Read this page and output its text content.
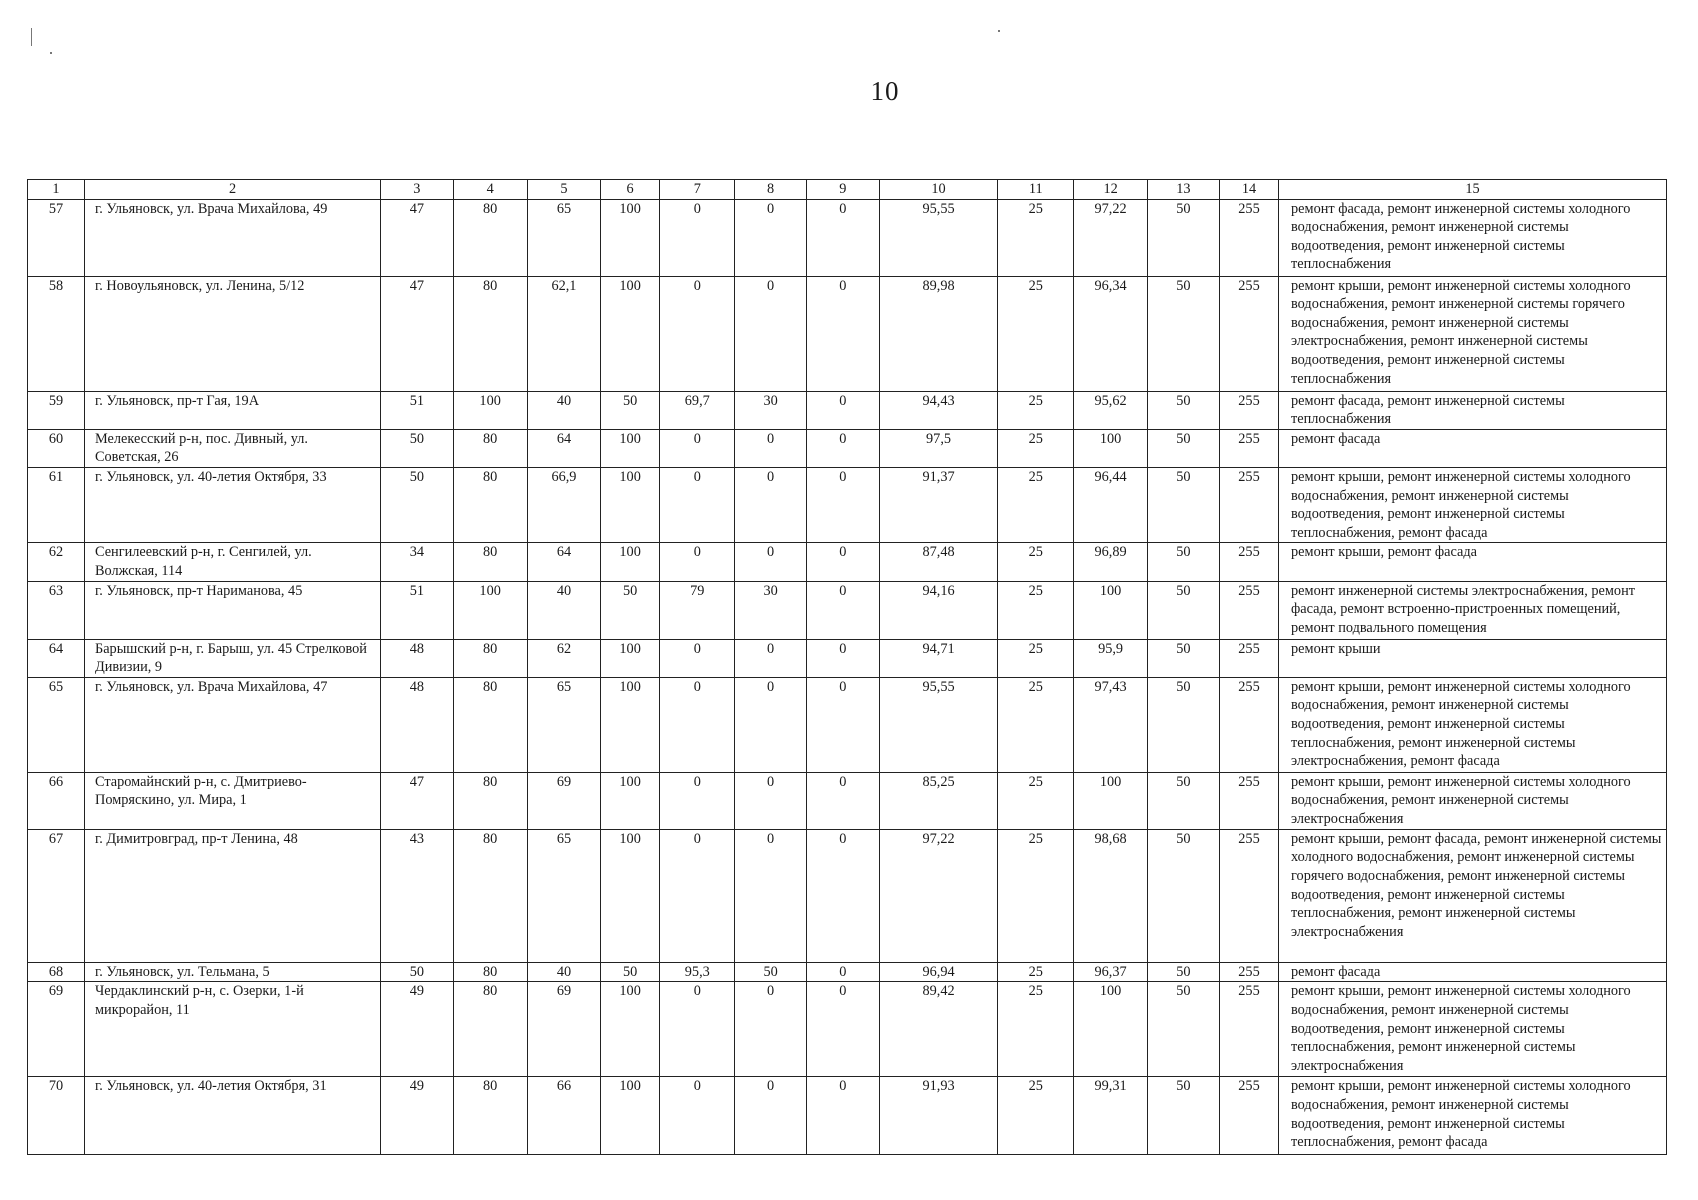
10
1	2	3	4	5	6	7	8	9	10	11	12	13	14	15
57	г. Ульяновск, ул. Врача Михайлова, 49	47	80	65	100	0	0	0	95,55	25	97,22	50	255	ремонт фасада, ремонт инженерной системы холодного водоснабжения, ремонт инженерной системы водоотведения, ремонт инженерной системы теплоснабжения
58	г. Новоульяновск, ул. Ленина, 5/12	47	80	62,1	100	0	0	0	89,98	25	96,34	50	255	ремонт крыши, ремонт инженерной системы холодного водоснабжения, ремонт инженерной системы горячего водоснабжения, ремонт инженерной системы электроснабжения, ремонт инженерной системы водоотведения, ремонт инженерной системы теплоснабжения
59	г. Ульяновск, пр-т Гая, 19А	51	100	40	50	69,7	30	0	94,43	25	95,62	50	255	ремонт фасада, ремонт инженерной системы теплоснабжения
60	Мелекесский р-н, пос. Дивный, ул. Советская, 26	50	80	64	100	0	0	0	97,5	25	100	50	255	ремонт фасада
61	г. Ульяновск, ул. 40-летия Октября, 33	50	80	66,9	100	0	0	0	91,37	25	96,44	50	255	ремонт крыши, ремонт инженерной системы холодного водоснабжения, ремонт инженерной системы водоотведения, ремонт инженерной системы теплоснабжения, ремонт фасада
62	Сенгилеевский р-н, г. Сенгилей, ул. Волжская, 114	34	80	64	100	0	0	0	87,48	25	96,89	50	255	ремонт крыши, ремонт фасада
63	г. Ульяновск, пр-т Нариманова, 45	51	100	40	50	79	30	0	94,16	25	100	50	255	ремонт инженерной системы электроснабжения, ремонт фасада, ремонт встроенно-пристроенных помещений, ремонт подвального помещения
64	Барышский р-н, г. Барыш, ул. 45 Стрелковой Дивизии, 9	48	80	62	100	0	0	0	94,71	25	95,9	50	255	ремонт крыши
65	г. Ульяновск, ул. Врача Михайлова, 47	48	80	65	100	0	0	0	95,55	25	97,43	50	255	ремонт крыши, ремонт инженерной системы холодного водоснабжения, ремонт инженерной системы водоотведения, ремонт инженерной системы теплоснабжения, ремонт инженерной системы электроснабжения, ремонт фасада
66	Старомайнский р-н, с. Дмитриево-Помряскино, ул. Мира, 1	47	80	69	100	0	0	0	85,25	25	100	50	255	ремонт крыши, ремонт инженерной системы холодного водоснабжения, ремонт инженерной системы электроснабжения
67	г. Димитровград, пр-т Ленина, 48	43	80	65	100	0	0	0	97,22	25	98,68	50	255	ремонт крыши, ремонт фасада, ремонт инженерной системы холодного водоснабжения, ремонт инженерной системы горячего водоснабжения, ремонт инженерной системы водоотведения, ремонт инженерной системы теплоснабжения, ремонт инженерной системы электроснабжения
68	г. Ульяновск, ул. Тельмана, 5	50	80	40	50	95,3	50	0	96,94	25	96,37	50	255	ремонт фасада
69	Чердаклинский р-н, с. Озерки, 1-й микрорайон, 11	49	80	69	100	0	0	0	89,42	25	100	50	255	ремонт крыши, ремонт инженерной системы холодного водоснабжения, ремонт инженерной системы водоотведения, ремонт инженерной системы теплоснабжения, ремонт инженерной системы электроснабжения
70	г. Ульяновск, ул. 40-летия Октября, 31	49	80	66	100	0	0	0	91,93	25	99,31	50	255	ремонт крыши, ремонт инженерной системы холодного водоснабжения, ремонт инженерной системы водоотведения, ремонт инженерной системы теплоснабжения, ремонт фасада
